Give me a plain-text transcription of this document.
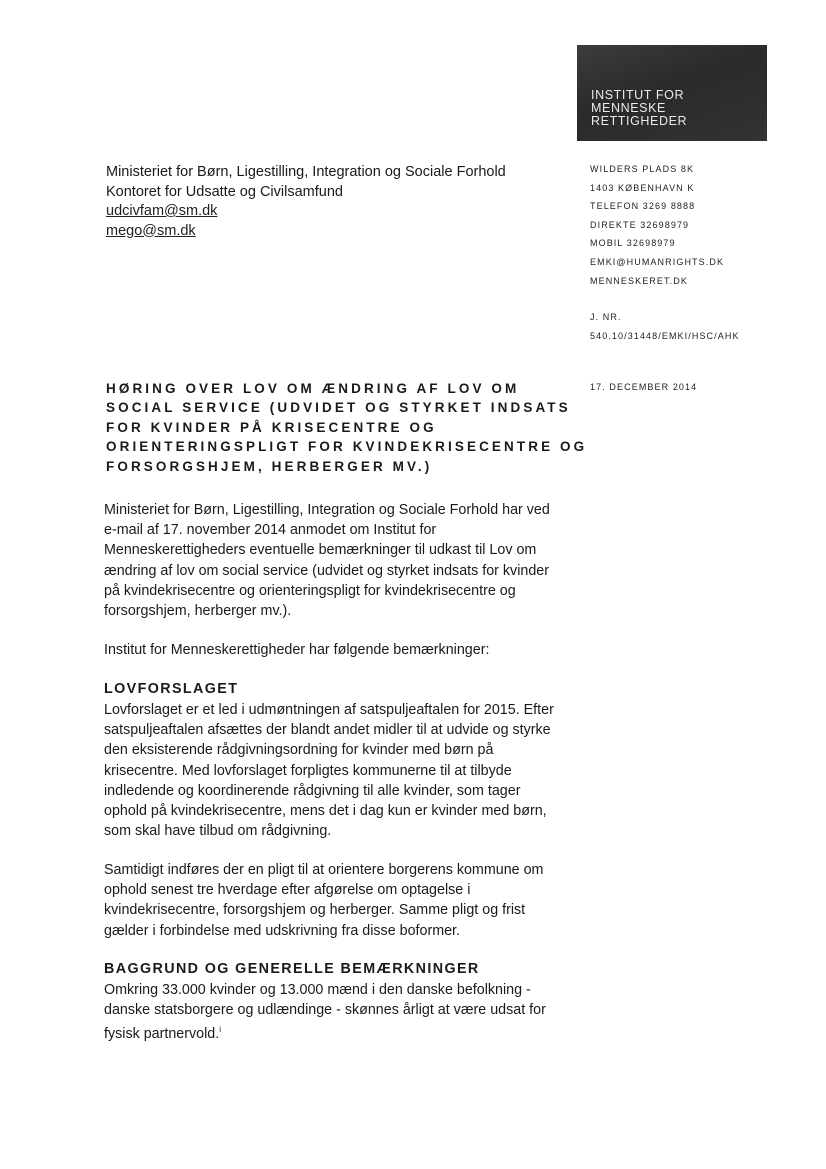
INSTITUT FOR
MENNESKE
RETTIGHEDER
Ministeriet for Børn, Ligestilling, Integration og Sociale Forhold
Kontoret for Udsatte og Civilsamfund
udcivfam@sm.dk
mego@sm.dk
WILDERS PLADS 8K
1403 KØBENHAVN K
TELEFON 3269 8888
DIREKTE 32698979
MOBIL 32698979
EMKI@HUMANRIGHTS.DK
MENNESKERET.DK
J. NR.
540.10/31448/EMKI/HSC/AHK
17. DECEMBER 2014
HØRING OVER LOV OM ÆNDRING AF LOV OM
SOCIAL SERVICE (UDVIDET OG STYRKET INDSATS
FOR KVINDER PÅ KRISECENTRE OG
ORIENTERINGSPLIGT FOR KVINDEKRISECENTRE OG
FORSORGSHJEM, HERBERGER MV.)
Ministeriet for Børn, Ligestilling, Integration og Sociale Forhold har ved
e-mail af 17. november 2014 anmodet om Institut for
Menneskerettigheders eventuelle bemærkninger til udkast til Lov om
ændring af lov om social service (udvidet og styrket indsats for kvinder
på kvindekrisecentre og orienteringspligt for kvindekrisecentre og
forsorgshjem, herberger mv.).
Institut for Menneskerettigheder har følgende bemærkninger:
LOVFORSLAGET
Lovforslaget er et led i udmøntningen af satspuljeaftalen for 2015. Efter
satspuljeaftalen afsættes der blandt andet midler til at udvide og styrke
den eksisterende rådgivningsordning for kvinder med børn på
krisecentre. Med lovforslaget forpligtes kommunerne til at tilbyde
indledende og koordinerende rådgivning til alle kvinder, som tager
ophold på kvindekrisecentre, mens det i dag kun er kvinder med børn,
som skal have tilbud om rådgivning.
Samtidigt indføres der en pligt til at orientere borgerens kommune om
ophold senest tre hverdage efter afgørelse om optagelse i
kvindekrisecentre, forsorgshjem og herberger. Samme pligt og frist
gælder i forbindelse med udskrivning fra disse boformer.
BAGGRUND OG GENERELLE BEMÆRKNINGER
Omkring 33.000 kvinder og 13.000 mænd i den danske befolkning -
danske statsborgere og udlændinge - skønnes årligt at være udsat for
fysisk partnervold.$^i$
